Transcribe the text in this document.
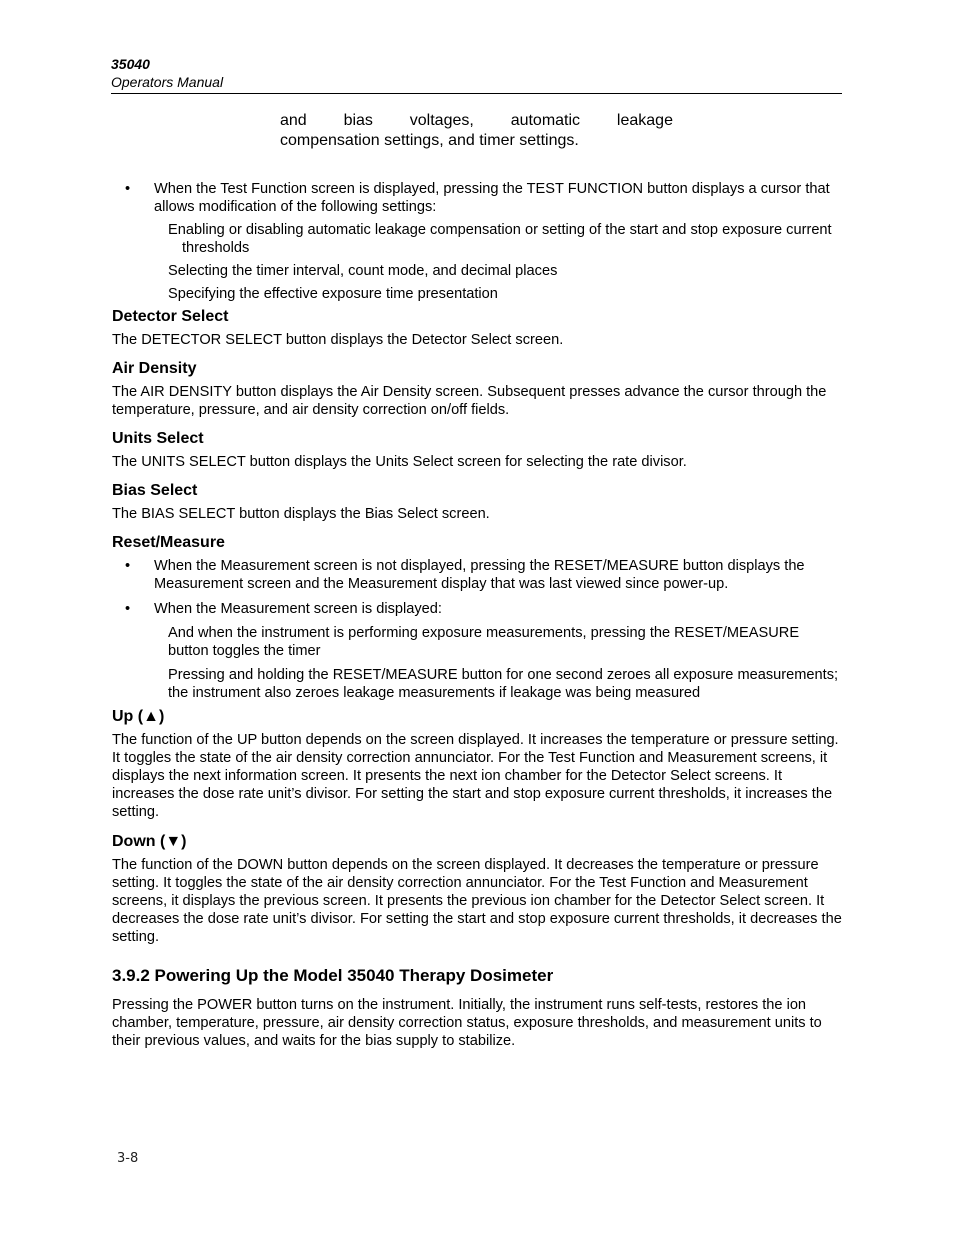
35040
Operators Manual
and bias voltages, automatic leakage
compensation settings, and timer settings.
• When the Test Function screen is displayed, pressing the TEST FUNCTION button displays a cursor that allows modification of the following settings:
Enabling or disabling automatic leakage compensation or setting of the start and stop exposure current thresholds
Selecting the timer interval, count mode, and decimal places
Specifying the effective exposure time presentation
Detector Select

The DETECTOR SELECT button displays the Detector Select screen.

Air Density

The AIR DENSITY button displays the Air Density screen. Subsequent presses advance the cursor through the temperature, pressure, and air density correction on/off fields.

Units Select

The UNITS SELECT button displays the Units Select screen for selecting the rate divisor.

Bias Select

The BIAS SELECT button displays the Bias Select screen.

Reset/Measure
• When the Measurement screen is not displayed, pressing the RESET/MEASURE button displays the Measurement screen and the Measurement display that was last viewed since power-up.
• When the Measurement screen is displayed:
And when the instrument is performing exposure measurements, pressing the RESET/MEASURE button toggles the timer
Pressing and holding the RESET/MEASURE button for one second zeroes all exposure measurements; the instrument also zeroes leakage measurements if leakage was being measured
Up (▲)

The function of the UP button depends on the screen displayed. It increases the temperature or pressure setting. It toggles the state of the air density correction annunciator. For the Test Function and Measurement screens, it displays the next information screen. It presents the next ion chamber for the Detector Select screens. It increases the dose rate unit’s divisor. For setting the start and stop exposure current thresholds, it increases the setting.

Down (▼)

The function of the DOWN button depends on the screen displayed. It decreases the temperature or pressure setting. It toggles the state of the air density correction annunciator. For the Test Function and Measurement screens, it displays the previous screen. It presents the previous ion chamber for the Detector Select screen. It decreases the dose rate unit’s divisor. For setting the start and stop exposure current thresholds, it decreases the setting.

3.9.2 Powering Up the Model 35040 Therapy Dosimeter

Pressing the POWER button turns on the instrument. Initially, the instrument runs self-tests, restores the ion chamber, temperature, pressure, air density correction status, exposure thresholds, and measurement units to their previous values, and waits for the bias supply to stabilize.

3-8
